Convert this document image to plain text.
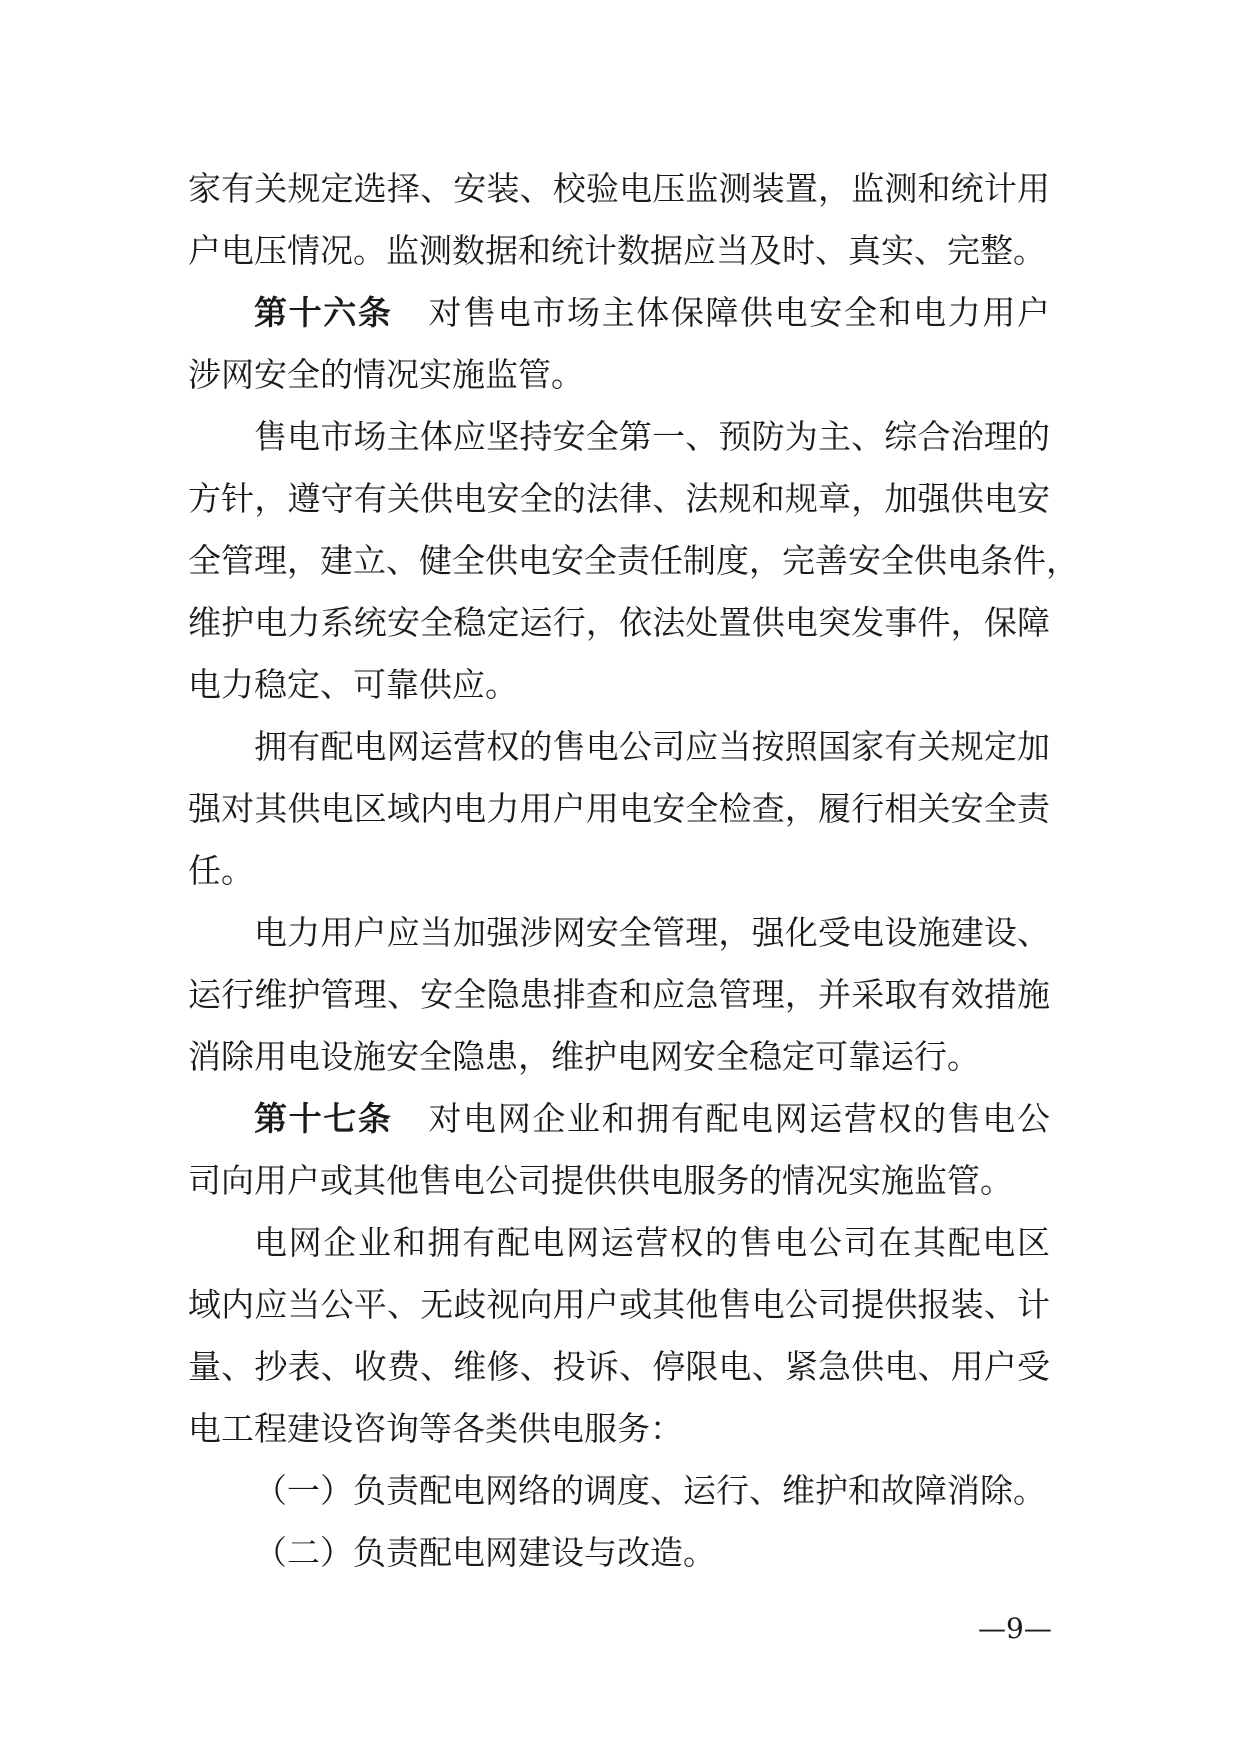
家有关规定选择、安装、校验电压监测装置，监测和统计用
户电压情况。监测数据和统计数据应当及时、真实、完整。
第十六条 对售电市场主体保障供电安全和电力用户
涉网安全的情况实施监管。
售电市场主体应坚持安全第一、预防为主、综合治理的
方针，遵守有关供电安全的法律、法规和规章，加强供电安
全管理，建立、健全供电安全责任制度，完善安全供电条件，
维护电力系统安全稳定运行，依法处置供电突发事件，保障
电力稳定、可靠供应。
拥有配电网运营权的售电公司应当按照国家有关规定加
强对其供电区域内电力用户用电安全检查，履行相关安全责
任。
电力用户应当加强涉网安全管理，强化受电设施建设、
运行维护管理、安全隐患排查和应急管理，并采取有效措施
消除用电设施安全隐患，维护电网安全稳定可靠运行。
第十七条 对电网企业和拥有配电网运营权的售电公
司向用户或其他售电公司提供供电服务的情况实施监管。
电网企业和拥有配电网运营权的售电公司在其配电区
域内应当公平、无歧视向用户或其他售电公司提供报装、计
量、抄表、收费、维修、投诉、停限电、紧急供电、用户受
电工程建设咨询等各类供电服务：
（一）负责配电网络的调度、运行、维护和故障消除。
（二）负责配电网建设与改造。
—9—
